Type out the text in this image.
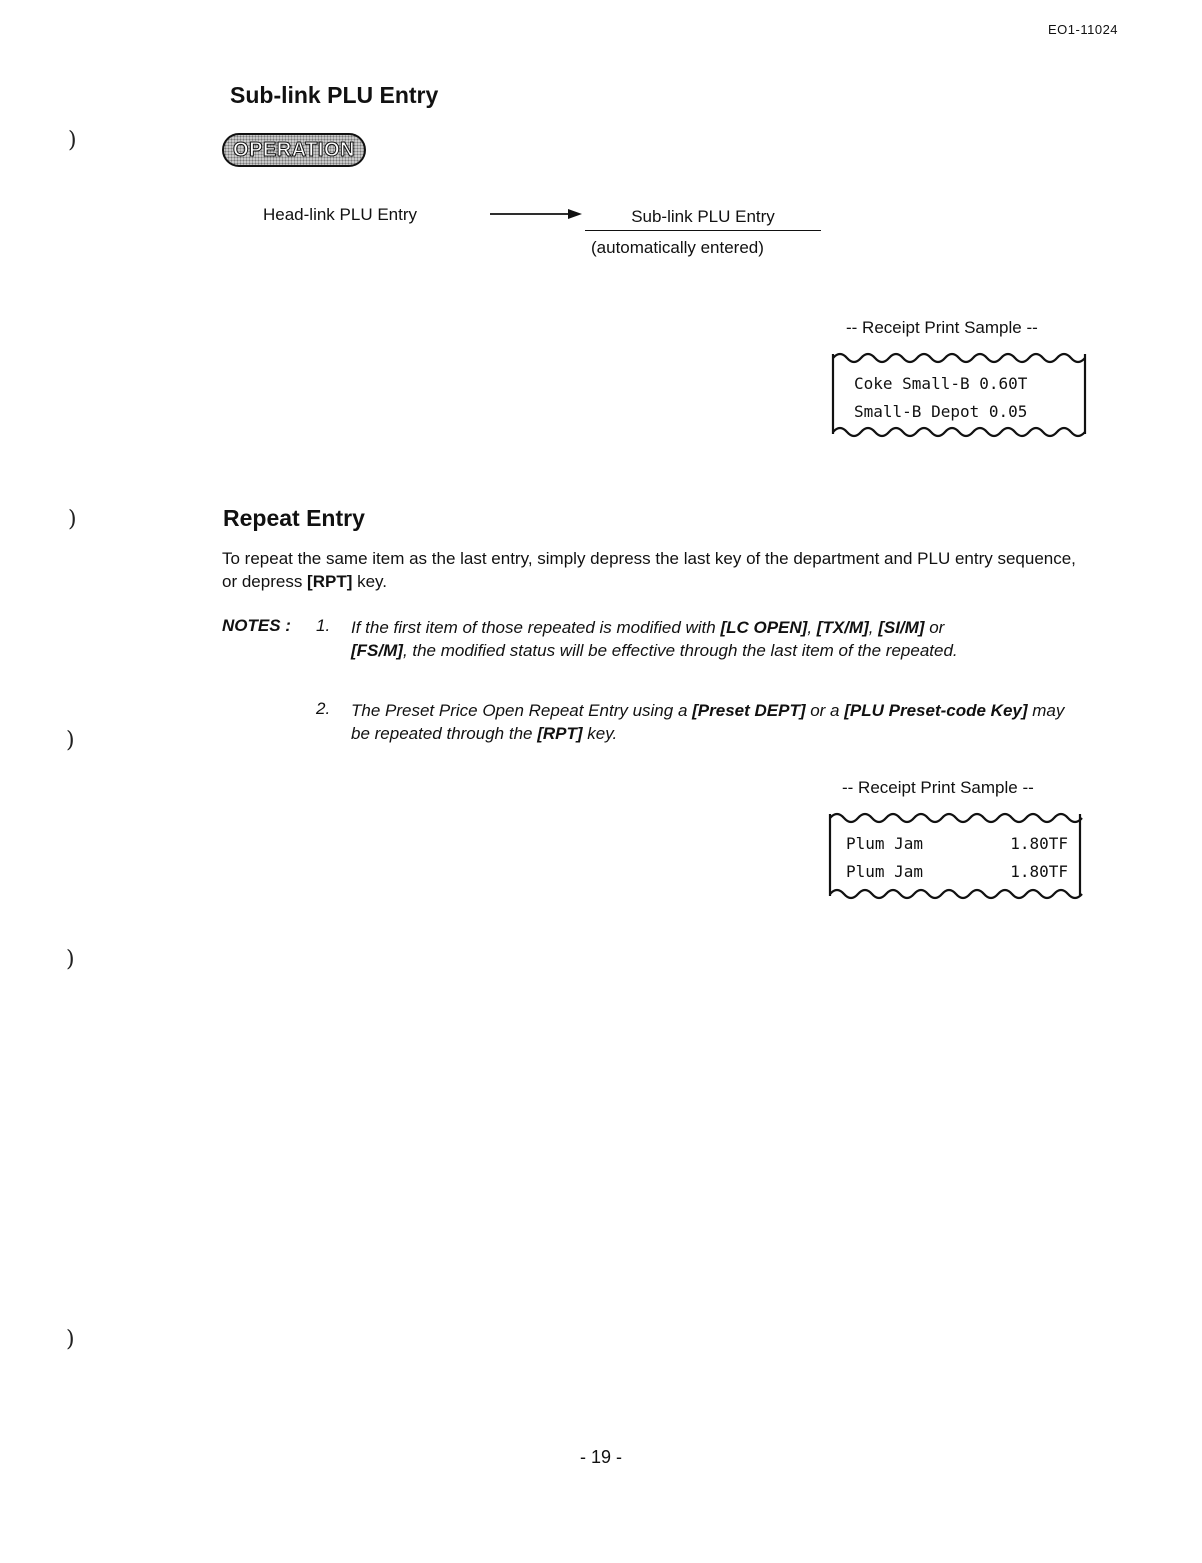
EO1-11024
)
)
)
)
)
Sub-link PLU Entry
OPERATION
Head-link PLU Entry	Sub-link PLU Entry
(automatically entered)
-- Receipt Print Sample --
Coke Small-B 0.60T
Small-B Depot 0.05
Repeat Entry
To repeat the same item as the last entry, simply depress the last key of the department and PLU entry sequence, or depress [RPT] key.
NOTES : 1. If the first item of those repeated is modified with [LC OPEN], [TX/M], [SI/M] or
[FS/M], the modified status will be effective through the last item of the repeated.
2. The Preset Price Open Repeat Entry using a [Preset DEPT] or a [PLU Preset-code Key] may be repeated through the [RPT] key.
-- Receipt Print Sample --
Plum Jam	1.80TF
Plum Jam	1.80TF
- 19 -
